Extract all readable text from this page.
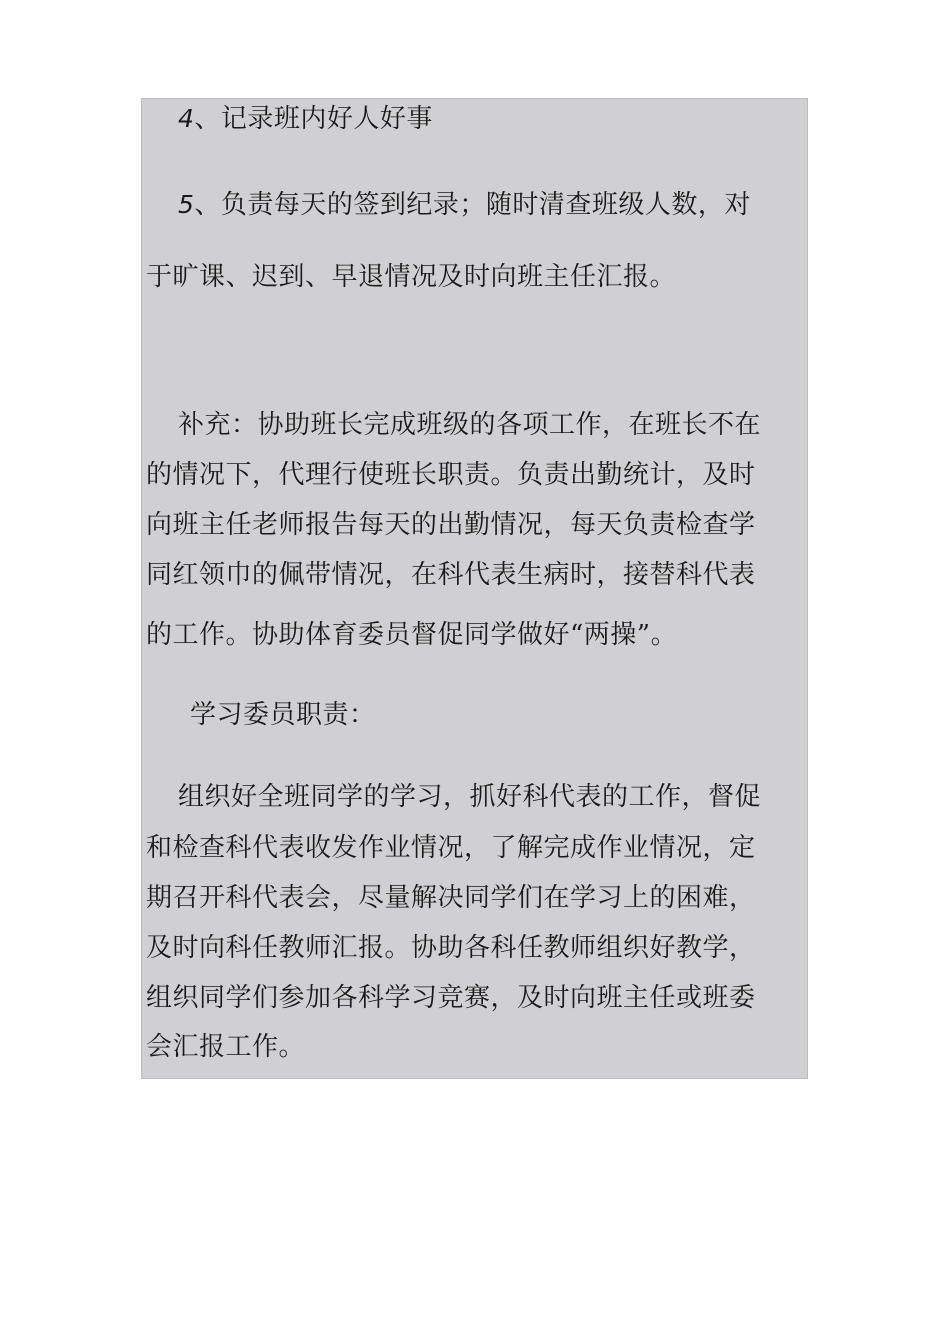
4、记录班内好人好事
5、负责每天的签到纪录；随时清查班级人数，对
于旷课、迟到、早退情况及时向班主任汇报。
补充：协助班长完成班级的各项工作，在班长不在
的情况下，代理行使班长职责。负责出勤统计，及时
向班主任老师报告每天的出勤情况，每天负责检查学
同红领巾的佩带情况，在科代表生病时，接替科代表
的工作。协助体育委员督促同学做好“两操”。
学习委员职责：
组织好全班同学的学习，抓好科代表的工作，督促
和检查科代表收发作业情况，了解完成作业情况，定
期召开科代表会，尽量解决同学们在学习上的困难，
及时向科任教师汇报。协助各科任教师组织好教学，
组织同学们参加各科学习竞赛，及时向班主任或班委
会汇报工作。
